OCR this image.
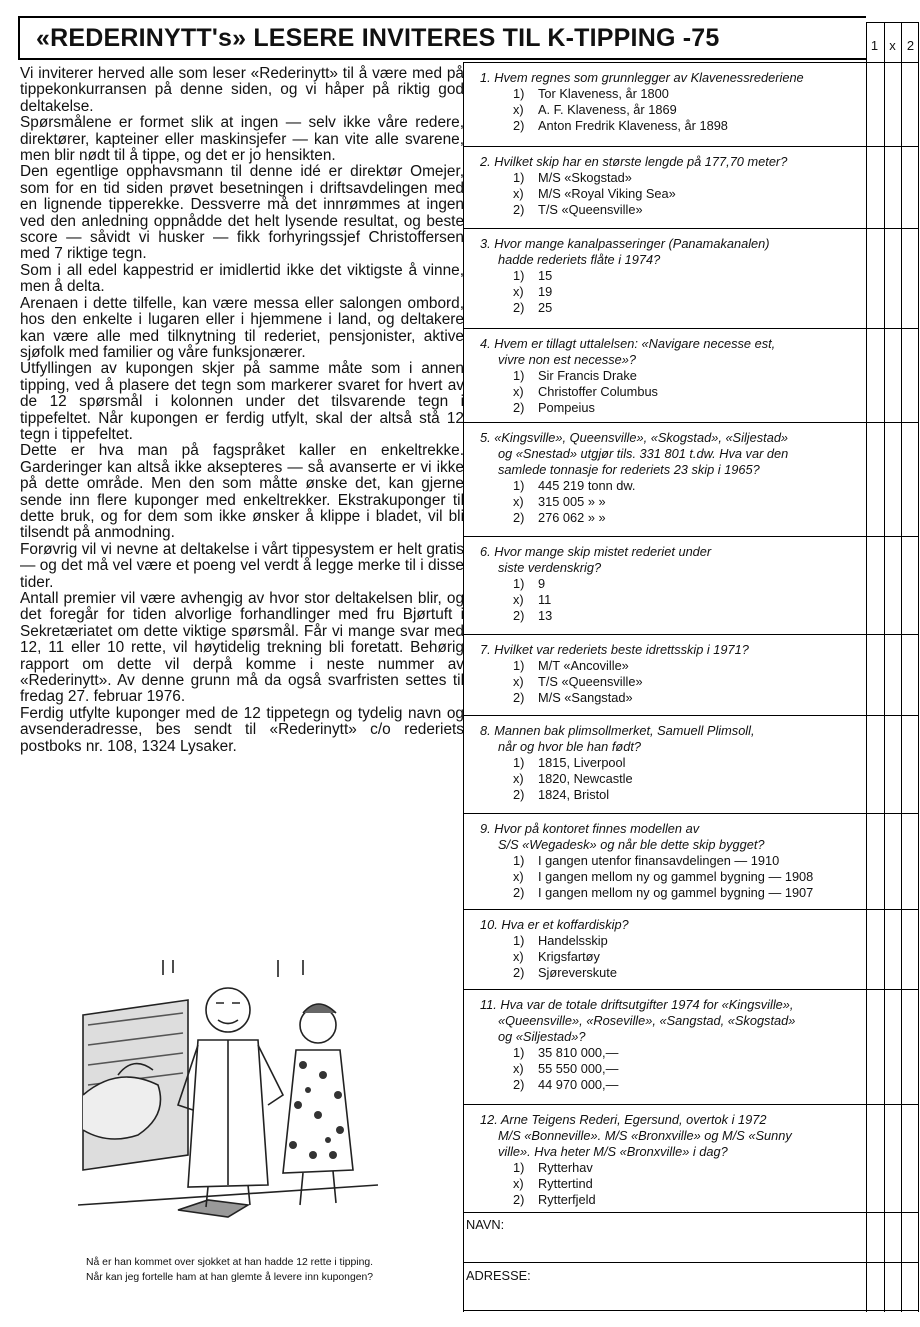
«REDERINYTT's» LESERE INVITERES TIL K-TIPPING -75	1 x 2

Vi inviterer herved alle som leser «Rederinytt» til å være med på tippekonkurransen på denne siden, og vi håper på riktig god deltakelse.

Spørsmålene er formet slik at ingen — selv ikke våre redere, direktører, kapteiner eller maskinsjefer — kan vite alle svarene, men blir nødt til å tippe, og det er jo hensikten.

Den egentlige opphavsmann til denne idé er direktør Omejer, som for en tid siden prøvet besetningen i driftsavdelingen med en lignende tipperekke. Dessverre må det innrømmes at ingen ved den anledning oppnådde det helt lysende resultat, og beste score — såvidt vi husker — fikk forhyringssjef Christoffersen med 7 riktige tegn.

Som i all edel kappestrid er imidlertid ikke det viktigste å vinne, men å delta.

Arenaen i dette tilfelle, kan være messa eller salongen ombord, hos den enkelte i lugaren eller i hjemmene i land, og deltakere kan være alle med tilknytning til rederiet, pensjonister, aktive sjøfolk med familier og våre funksjonærer.

Utfyllingen av kupongen skjer på samme måte som i annen tipping, ved å plasere det tegn som markerer svaret for hvert av de 12 spørsmål i kolonnen under det tilsvarende tegn i tippefeltet. Når kupongen er ferdig utfylt, skal der altså stå 12 tegn i tippefeltet.

Dette er hva man på fagspråket kaller en enkeltrekke. Garderinger kan altså ikke aksepteres — så avanserte er vi ikke på dette område. Men den som måtte ønske det, kan gjerne sende inn flere kuponger med enkeltrekker. Ekstrakuponger til dette bruk, og for dem som ikke ønsker å klippe i bladet, vil bli tilsendt på anmodning.

Forøvrig vil vi nevne at deltakelse i vårt tippesystem er helt gratis — og det må vel være et poeng vel verdt å legge merke til i disse tider.

Antall premier vil være avhengig av hvor stor deltakelsen blir, og det foregår for tiden alvorlige forhandlinger med fru Bjørtuft i Sekretæriatet om dette viktige spørsmål. Får vi mange svar med 12, 11 eller 10 rette, vil høytidelig trekning bli foretatt. Behørig rapport om dette vil derpå komme i neste nummer av «Rederinytt». Av denne grunn må da også svarfristen settes til fredag 27. februar 1976.

Ferdig utfylte kuponger med de 12 tippetegn og tydelig navn og avsenderadresse, bes sendt til «Rederinytt» c/o rederiets postboks nr. 108, 1324 Lysaker.

Nå er han kommet over sjokket at han hadde 12 rette i tipping. Når kan jeg fortelle ham at han glemte å levere inn kupongen?
1. Hvem regnes som grunnlegger av Klavenessrederiene
1) Tor Klaveness, år 1800
x) A. F. Klaveness, år 1869
2) Anton Fredrik Klaveness, år 1898
2. Hvilket skip har en største lengde på 177,70 meter?
1) M/S «Skogstad»
x) M/S «Royal Viking Sea»
2) T/S «Queensville»
3. Hvor mange kanalpasseringer (Panamakanalen)
hadde rederiets flåte i 1974?
1) 15
x) 19
2) 25
4. Hvem er tillagt uttalelsen: «Navigare necesse est,
vivre non est necesse»?
1) Sir Francis Drake
x) Christoffer Columbus
2) Pompeius
5. «Kingsville», Queensville», «Skogstad», «Siljestad»
og «Snestad» utgjør tils. 331 801 t.dw. Hva var den
samlede tonnasje for rederiets 23 skip i 1965?
1) 445 219 tonn dw.
x) 315 005 » »
2) 276 062 » »
6. Hvor mange skip mistet rederiet under
siste verdenskrig?
1) 9
x) 11
2) 13
7. Hvilket var rederiets beste idrettsskip i 1971?
1) M/T «Ancoville»
x) T/S «Queensville»
2) M/S «Sangstad»
8. Mannen bak plimsollmerket, Samuell Plimsoll,
når og hvor ble han født?
1) 1815, Liverpool
x) 1820, Newcastle
2) 1824, Bristol
9. Hvor på kontoret finnes modellen av
S/S «Wegadesk» og når ble dette skip bygget?
1) I gangen utenfor finansavdelingen — 1910
x) I gangen mellom ny og gammel bygning — 1908
2) I gangen mellom ny og gammel bygning — 1907
10. Hva er et koffardiskip?
1) Handelsskip
x) Krigsfartøy
2) Sjøreverskute
11. Hva var de totale driftsutgifter 1974 for «Kingsville»,
«Queensville», «Roseville», «Sangstad, «Skogstad»
og «Siljestad»?
1) 35 810 000,—
x) 55 550 000,—
2) 44 970 000,—
12. Arne Teigens Rederi, Egersund, overtok i 1972
M/S «Bonneville». M/S «Bronxville» og M/S «Sunny
ville». Hva heter M/S «Bronxville» i dag?
1) Rytterhav
x) Ryttertind
2) Rytterfjeld
NAVN:
ADRESSE:
